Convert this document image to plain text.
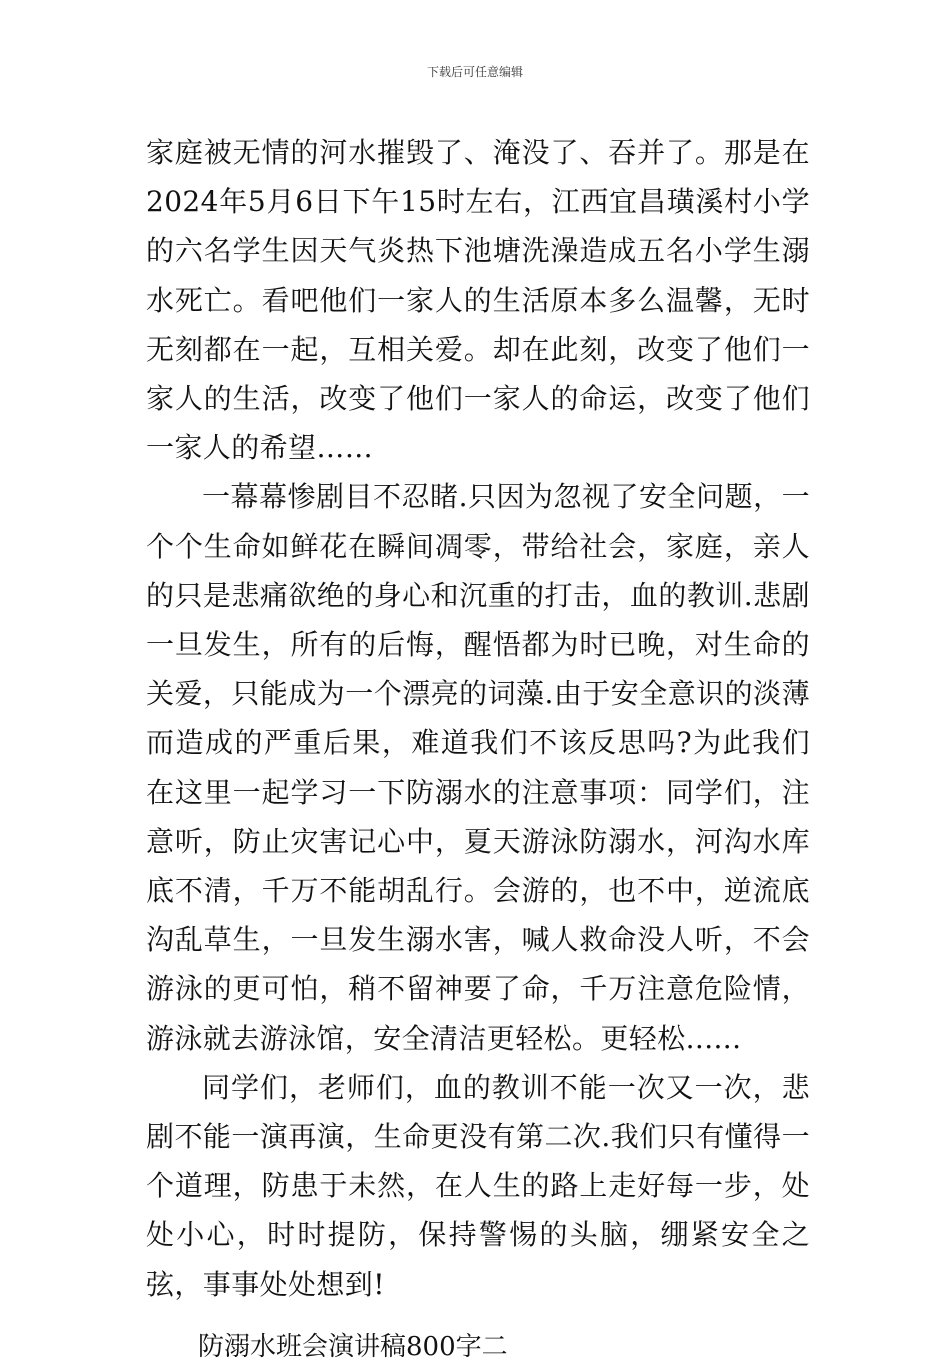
下载后可任意编辑

家庭被无情的河水摧毁了、淹没了、吞并了。那是在2024年5月6日下午15时左右，江西宜昌璜溪村小学的六名学生因天气炎热下池塘洗澡造成五名小学生溺水死亡。看吧他们一家人的生活原本多么温馨，无时无刻都在一起，互相关爱。却在此刻，改变了他们一家人的生活，改变了他们一家人的命运，改变了他们一家人的希望……

一幕幕惨剧目不忍睹.只因为忽视了安全问题，一个个生命如鲜花在瞬间凋零，带给社会，家庭，亲人的只是悲痛欲绝的身心和沉重的打击，血的教训.悲剧一旦发生，所有的后悔，醒悟都为时已晚，对生命的关爱，只能成为一个漂亮的词藻.由于安全意识的淡薄而造成的严重后果，难道我们不该反思吗?为此我们在这里一起学习一下防溺水的注意事项：同学们，注意听，防止灾害记心中，夏天游泳防溺水，河沟水库底不清，千万不能胡乱行。会游的，也不中，逆流底沟乱草生，一旦发生溺水害，喊人救命没人听，不会游泳的更可怕，稍不留神要了命，千万注意危险情，游泳就去游泳馆，安全清洁更轻松。更轻松......

同学们，老师们，血的教训不能一次又一次，悲剧不能一演再演，生命更没有第二次.我们只有懂得一个道理，防患于未然，在人生的路上走好每一步，处处小心，时时提防，保持警惕的头脑，绷紧安全之弦，事事处处想到!

防溺水班会演讲稿800字二
